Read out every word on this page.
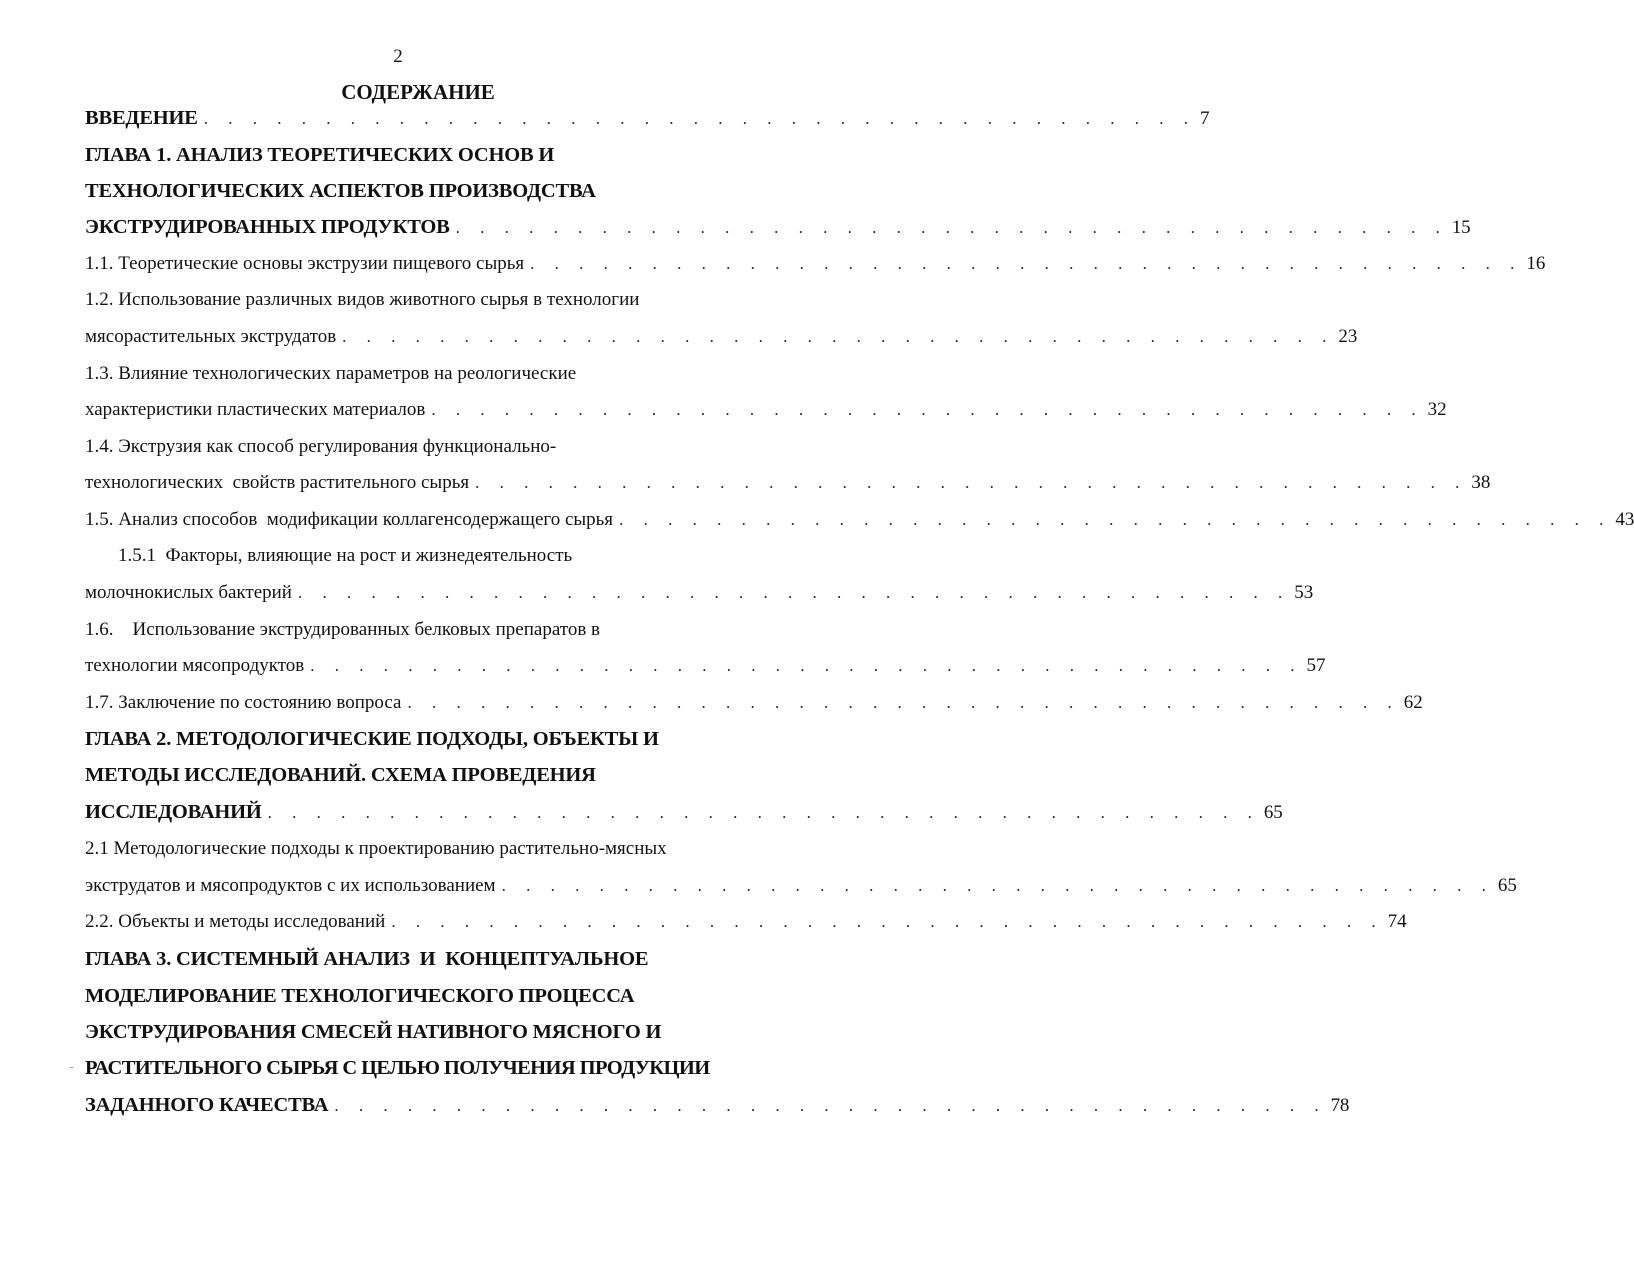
2
СОДЕРЖАНИЕ
ВВЕДЕНИЕ . . . . . . . . . . . . . . . . . . . . . . . . . . . . . . . . . . . . . . . . . 7
ГЛАВА 1. АНАЛИЗ ТЕОРЕТИЧЕСКИХ ОСНОВ И
ТЕХНОЛОГИЧЕСКИХ АСПЕКТОВ ПРОИЗВОДСТВА
ЭКСТРУДИРОВАННЫХ ПРОДУКТОВ . . . . . . . . . . . . . . . . . . . . . . . . . . . . . . . . . . . . . . . . . 15
1.1. Теоретические основы экструзии пищевого сырья . . . . . . . . . . . . . . . . . . . . . . . . . . . . . . . . . . . . . . . . . 16
1.2. Использование различных видов животного сырья в технологии
мясорастительных экструдатов . . . . . . . . . . . . . . . . . . . . . . . . . . . . . . . . . . . . . . . . . 23
1.3. Влияние технологических параметров на реологические
характеристики пластических материалов . . . . . . . . . . . . . . . . . . . . . . . . . . . . . . . . . . . . . . . . . 32
1.4. Экструзия как способ регулирования функционально-
технологических  свойств растительного сырья . . . . . . . . . . . . . . . . . . . . . . . . . . . . . . . . . . . . . . . . . 38
1.5. Анализ способов  модификации коллагенсодержащего сырья . . . . . . . . . . . . . . . . . . . . . . . . . . . . . . . . . . . . . . . . . 43
1.5.1  Факторы, влияющие на рост и жизнедеятельность
молочнокислых бактерий . . . . . . . . . . . . . . . . . . . . . . . . . . . . . . . . . . . . . . . . . 53
1.6.    Использование экструдированных белковых препаратов в
технологии мясопродуктов . . . . . . . . . . . . . . . . . . . . . . . . . . . . . . . . . . . . . . . . . 57
1.7. Заключение по состоянию вопроса . . . . . . . . . . . . . . . . . . . . . . . . . . . . . . . . . . . . . . . . . 62
ГЛАВА 2. МЕТОДОЛОГИЧЕСКИЕ ПОДХОДЫ, ОБЪЕКТЫ И
МЕТОДЫ ИССЛЕДОВАНИЙ. СХЕМА ПРОВЕДЕНИЯ
ИССЛЕДОВАНИЙ . . . . . . . . . . . . . . . . . . . . . . . . . . . . . . . . . . . . . . . . . 65
2.1 Методологические подходы к проектированию растительно-мясных
экструдатов и мясопродуктов с их использованием . . . . . . . . . . . . . . . . . . . . . . . . . . . . . . . . . . . . . . . . . 65
2.2. Объекты и методы исследований . . . . . . . . . . . . . . . . . . . . . . . . . . . . . . . . . . . . . . . . . 74
ГЛАВА 3. СИСТЕМНЫЙ АНАЛИЗ  И  КОНЦЕПТУАЛЬНОЕ
МОДЕЛИРОВАНИЕ ТЕХНОЛОГИЧЕСКОГО ПРОЦЕССА
ЭКСТРУДИРОВАНИЯ СМЕСЕЙ НАТИВНОГО МЯСНОГО И
РАСТИТЕЛЬНОГО СЫРЬЯ С ЦЕЛЬЮ ПОЛУЧЕНИЯ ПРОДУКЦИИ
ЗАДАННОГО КАЧЕСТВА . . . . . . . . . . . . . . . . . . . . . . . . . . . . . . . . . . . . . . . . . 78
